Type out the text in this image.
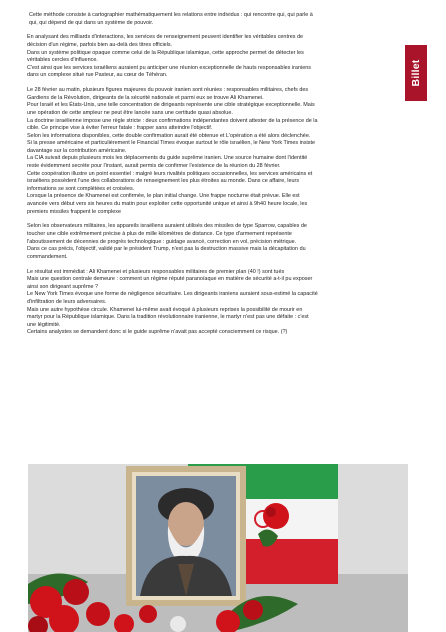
Billet

Cette méthode consiste à cartographier mathématiquement les relations entre individus : qui rencontre qui, qui parle à
qui, qui dépend de qui dans un système de pouvoir.

En analysant des milliards d'interactions, les services de renseignement peuvent identifier les véritables centres de
décision d'un régime, parfois bien au-delà des titres officiels.
Dans un système politique opaque comme celui de la République islamique, cette approche permet de détecter les
véritables cercles d'influence.
C'est ainsi que les services israéliens auraient pu anticiper une réunion exceptionnelle de hauts responsables iraniens
dans un complexe situé rue Pasteur, au cœur de Téhéran.

Le 28 février au matin, plusieurs figures majeures du pouvoir iranien sont réunies : responsables militaires, chefs des
Gardiens de la Révolution, dirigeants de la sécurité nationale et parmi eux se trouve Ali Khamenei.
Pour Israël et les États-Unis, une telle concentration de dirigeants représente une cible stratégique exceptionnelle. Mais
une opération de cette ampleur ne peut être lancée sans une certitude quasi absolue.
La doctrine israélienne impose une règle stricte : deux confirmations indépendantes doivent attester de la présence de la
cible. Ce principe vise à éviter l'erreur fatale : frapper sans atteindre l'objectif.
Selon les informations disponibles, cette double confirmation aurait été obtenue et L'opération a été alors déclenchée.
Si la presse américaine et particulièrement le Financial Times évoque surtout le rôle israélien, le New York Times insiste
davantage sur la contribution américaine.
La CIA suivait depuis plusieurs mois les déplacements du guide suprême iranien. Une source humaine dont l'identité
reste évidemment secrète pour l'instant, aurait permis de confirmer l'existence de la réunion du 28 février.
Cette coopération illustre un point essentiel : malgré leurs rivalités politiques occasionnelles, les services américains et
israéliens possèdent l'une des collaborations de renseignement les plus étroites au monde. Dans ce affaire, leurs
informations se sont complétées et croisées.
Lorsque la présence de Khamenei est confirmée, le plan initial change. Une frappe nocturne était prévue. Elle est
avancée vers début vers six heures du matin pour exploiter cette opportunité unique et ainsi à 9h40 heure locale, les
premiers missiles frappent le complexe

Selon les observateurs militaires, les appareils israéliens auraient utilisés des missiles de type Sparrow, capables de
toucher une cible extrêmement précise à plus de mille kilomètres de distance. Ce type d'armement représente
l'aboutissement de décennies de progrès technologique : guidage avancé, correction en vol, précision métrique.
Dans ce cas précis, l'objectif, validé par le président Trump, n'est pas la destruction massive mais la décapitation du
commandement.

Le résultat est immédiat : Ali Khamenei et plusieurs responsables militaires de premier plan (40 !) sont tués
Mais une question centrale demeure : comment un régime réputé paranoïaque en matière de sécurité a-t-il pu exposer
ainsi son dirigeant suprême ?
Le New York Times évoque une forme de négligence sécuritaire. Les dirigeants iraniens auraient sous-estimé la capacité
d'infiltration de leurs adversaires.
Mais une autre hypothèse circule. Khamenei lui-même avait évoqué à plusieurs reprises la possibilité de mourir en
martyr pour la République islamique. Dans la tradition révolutionnaire iranienne, le martyr n'est pas une défaite : c'est
une légitimité.
Certains analystes se demandent donc si le guide suprême n'avait pas accepté consciemment ce risque. (?)
